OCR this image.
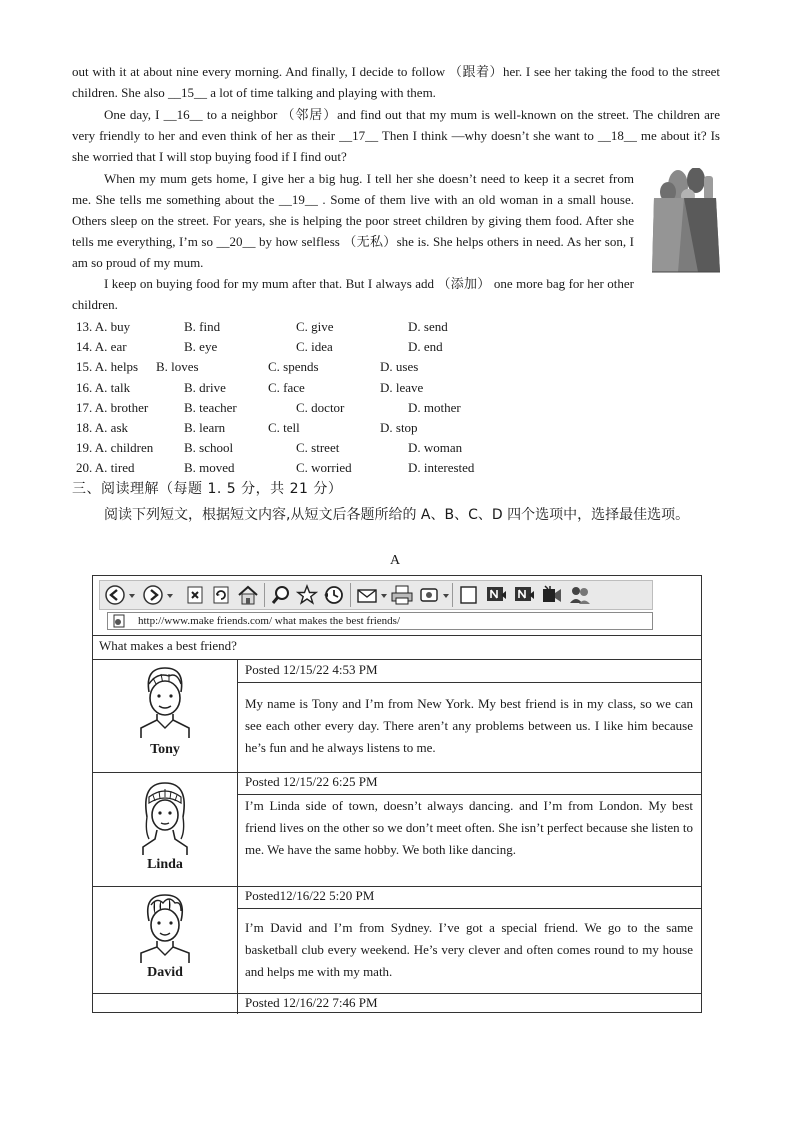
out with it at about nine every morning. And finally, I decide to follow （跟着）her. I see her taking the food to the street children. She also __15__ a lot of time talking and playing with them.

One day, I __16__ to a neighbor （邻居）and find out that my mum is well-known on the street. The children are very friendly to her and even think of her as their __17__ Then I think —why doesn’t she want to __18__ me about it? Is she worried that I will stop buying food if I find out?

When my mum gets home, I give her a big hug. I tell her she doesn’t need to keep it a secret from me. She tells me something about the __19__ . Some of them live with an old woman in a small house. Others sleep on the street. For years, she is helping the poor street children by giving them food. After she tells me everything, I’m so __20__ by how selfless （无私）she is. She helps others in need. As her son, I am so proud of my mum.

I keep on buying food for my mum after that. But I always add （添加） one more bag for her other children.

13. A. buy	B. find	C. give	D. send
14. A. ear	B. eye	C. idea	D. end
15. A. helps B. loves	C. spends	D. uses
16. A. talk	B. drive	C. face	D. leave
17. A. brother	B. teacher	C. doctor	D. mother
18. A. ask	B. learn	C. tell	D. stop
19. A. children B. school	C. street	D. woman
20. A. tired	B. moved	C. worried	D. interested
三、阅读理解（每题 1. 5 分，共 21 分）
阅读下列短文，根据短文内容,从短文后各题所给的 A、B、C、D 四个选项中，选择最佳选项。
A
http://www.make friends.com/ what makes the best friends/
What makes a best friend?
Posted 12/15/22 4:53 PM
My name is Tony and I’m from New York. My best friend is in my class, so we can see each other every day. There aren’t any problems between us. I like him because he’s fun and he always listens to me.
Tony
Posted 12/15/22 6:25 PM
I’m Linda side of town, doesn’t always dancing. and I’m from London. My best friend lives on the other so we don’t meet often. She isn’t perfect because she listen to me. We have the same hobby. We both like dancing.
Linda
Posted12/16/22 5:20 PM
I’m David and I’m from Sydney. I’ve got a special friend. We go to the same basketball club every weekend. He’s very clever and often comes round to my house and helps me with my math.
David
Posted 12/16/22 7:46 PM
